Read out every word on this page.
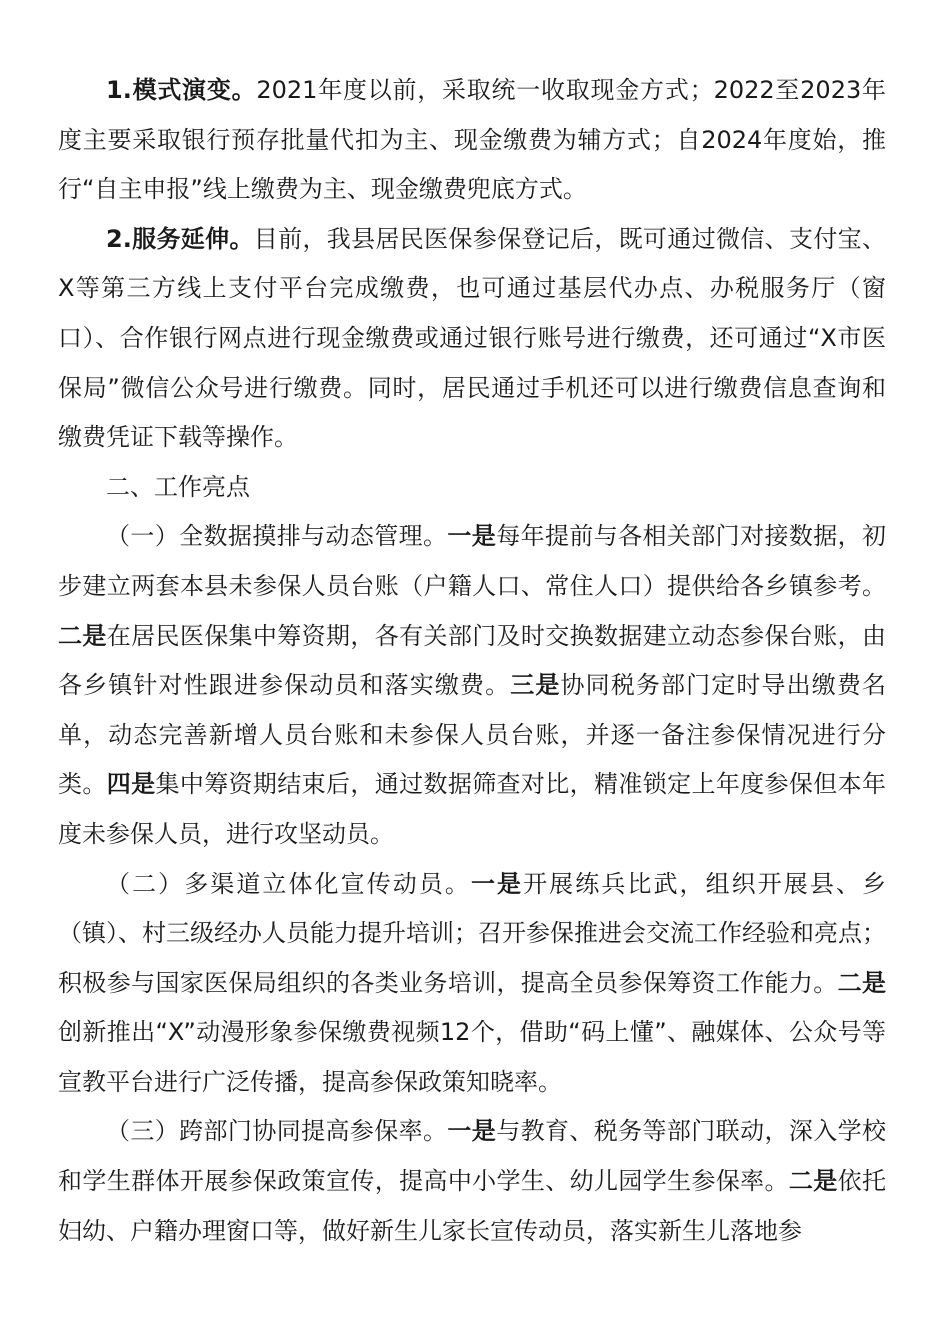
1.模式演变。2021年度以前，采取统一收取现金方式；2022至2023年度主要采取银行预存批量代扣为主、现金缴费为辅方式；自2024年度始，推行“自主申报”线上缴费为主、现金缴费兜底方式。

2.服务延伸。目前，我县居民医保参保登记后，既可通过微信、支付宝、X等第三方线上支付平台完成缴费，也可通过基层代办点、办税服务厅（窗口）、合作银行网点进行现金缴费或通过银行账号进行缴费，还可通过“X市医保局”微信公众号进行缴费。同时，居民通过手机还可以进行缴费信息查询和缴费凭证下载等操作。

二、工作亮点

（一）全数据摸排与动态管理。一是每年提前与各相关部门对接数据，初步建立两套本县未参保人员台账（户籍人口、常住人口）提供给各乡镇参考。二是在居民医保集中筹资期，各有关部门及时交换数据建立动态参保台账，由各乡镇针对性跟进参保动员和落实缴费。三是协同税务部门定时导出缴费名单，动态完善新增人员台账和未参保人员台账，并逐一备注参保情况进行分类。四是集中筹资期结束后，通过数据筛查对比，精准锁定上年度参保但本年度未参保人员，进行攻坚动员。

（二）多渠道立体化宣传动员。一是开展练兵比武，组织开展县、乡（镇）、村三级经办人员能力提升培训；召开参保推进会交流工作经验和亮点；积极参与国家医保局组织的各类业务培训，提高全员参保筹资工作能力。二是创新推出“X”动漫形象参保缴费视频12个，借助“码上懂”、融媒体、公众号等宣教平台进行广泛传播，提高参保政策知晓率。

（三）跨部门协同提高参保率。一是与教育、税务等部门联动，深入学校和学生群体开展参保政策宣传，提高中小学生、幼儿园学生参保率。二是依托妇幼、户籍办理窗口等，做好新生儿家长宣传动员，落实新生儿落地参
